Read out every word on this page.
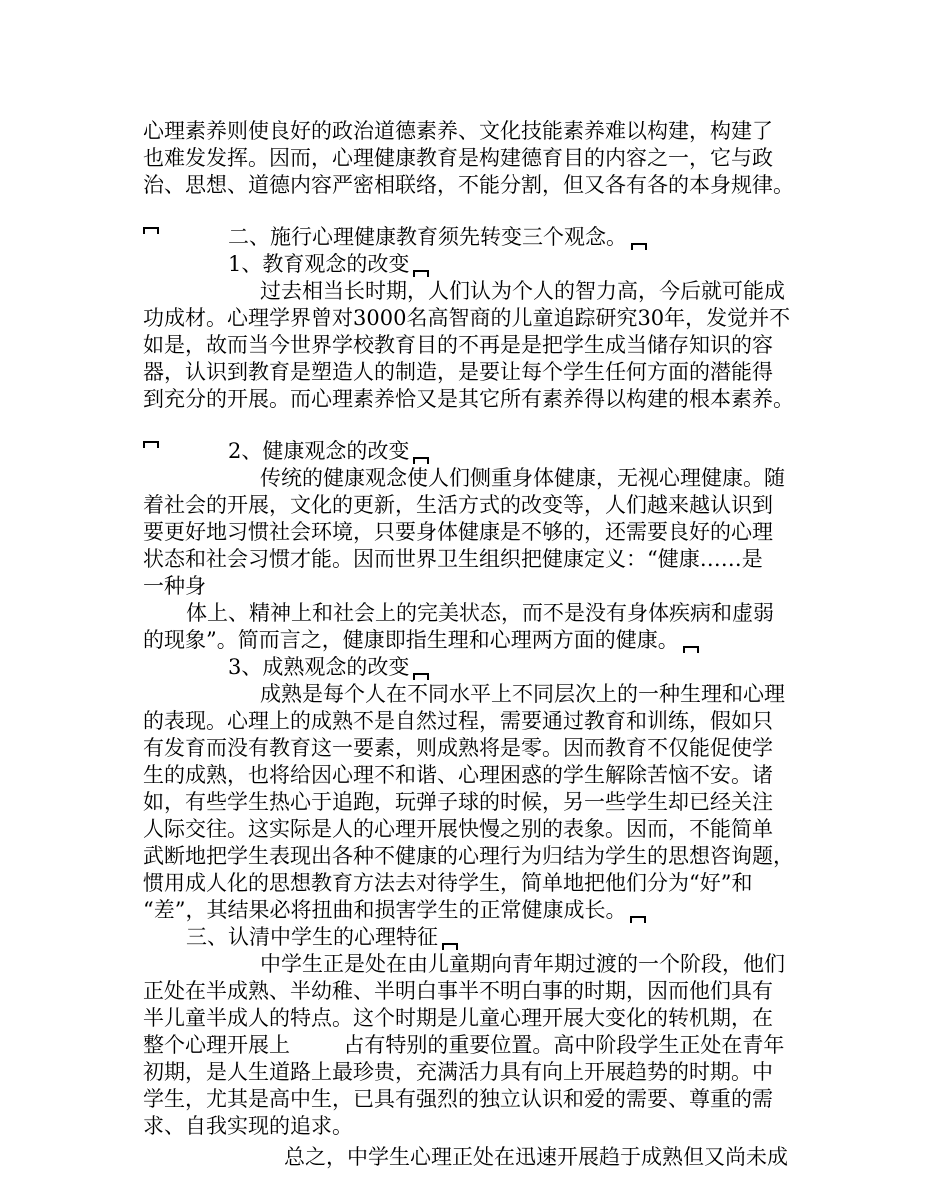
心理素养则使良好的政治道德素养、文化技能素养难以构建，构建了
也难发发挥。因而，心理健康教育是构建德育目的内容之一，它与政
治、思想、道德内容严密相联络，不能分割，但又各有各的本身规律。
二、施行心理健康教育须先转变三个观念。
1、教育观念的改变
过去相当长时期，人们认为个人的智力高，今后就可能成
功成材。心理学界曾对3000名高智商的儿童追踪研究30年，发觉并不
如是，故而当今世界学校教育目的不再是是把学生成当储存知识的容
器，认识到教育是塑造人的制造，是要让每个学生任何方面的潜能得
到充分的开展。而心理素养恰又是其它所有素养得以构建的根本素养。
2、健康观念的改变
传统的健康观念使人们侧重身体健康，无视心理健康。随
着社会的开展，文化的更新，生活方式的改变等，人们越来越认识到
要更好地习惯社会环境，只要身体健康是不够的，还需要良好的心理
状态和社会习惯才能。因而世界卫生组织把健康定义：“健康……是
一种身
体上、精神上和社会上的完美状态，而不是没有身体疾病和虚弱
的现象”。简而言之，健康即指生理和心理两方面的健康。
3、成熟观念的改变
成熟是每个人在不同水平上不同层次上的一种生理和心理
的表现。心理上的成熟不是自然过程，需要通过教育和训练，假如只
有发育而没有教育这一要素，则成熟将是零。因而教育不仅能促使学
生的成熟，也将给因心理不和谐、心理困惑的学生解除苦恼不安。诸
如，有些学生热心于追跑，玩弹子球的时候，另一些学生却已经关注
人际交往。这实际是人的心理开展快慢之别的表象。因而，不能简单
武断地把学生表现出各种不健康的心理行为归结为学生的思想咨询题，
惯用成人化的思想教育方法去对待学生，简单地把他们分为“好”和
“差”，其结果必将扭曲和损害学生的正常健康成长。
三、认清中学生的心理特征
中学生正是处在由儿童期向青年期过渡的一个阶段，他们
正处在半成熟、半幼稚、半明白事半不明白事的时期，因而他们具有
半儿童半成人的特点。这个时期是儿童心理开展大变化的转机期，在
整个心理开展上        占有特别的重要位置。高中阶段学生正处在青年
初期，是人生道路上最珍贵，充满活力具有向上开展趋势的时期。中
学生，尤其是高中生，已具有强烈的独立认识和爱的需要、尊重的需
求、自我实现的追求。
总之，中学生心理正处在迅速开展趋于成熟但又尚未成
